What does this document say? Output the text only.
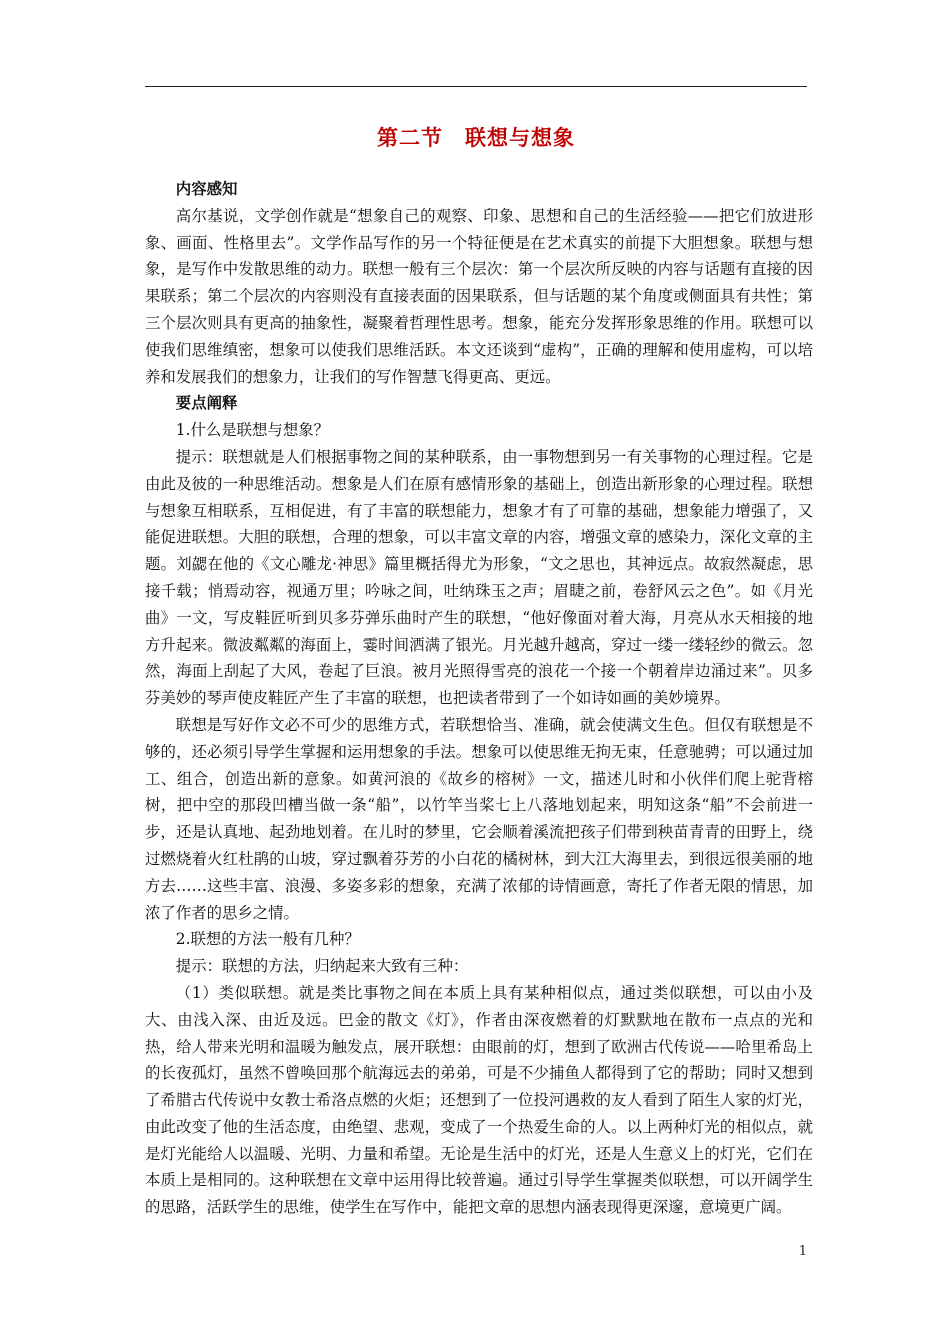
第二节　联想与想象
内容感知

高尔基说，文学创作就是“想象自己的观察、印象、思想和自己的生活经验——把它们放进形象、画面、性格里去”。文学作品写作的另一个特征便是在艺术真实的前提下大胆想象。联想与想象，是写作中发散思维的动力。联想一般有三个层次：第一个层次所反映的内容与话题有直接的因果联系；第二个层次的内容则没有直接表面的因果联系，但与话题的某个角度或侧面具有共性；第三个层次则具有更高的抽象性，凝聚着哲理性思考。想象，能充分发挥形象思维的作用。联想可以使我们思维缜密，想象可以使我们思维活跃。本文还谈到“虚构”，正确的理解和使用虚构，可以培养和发展我们的想象力，让我们的写作智慧飞得更高、更远。

要点阐释

1.什么是联想与想象？

提示：联想就是人们根据事物之间的某种联系，由一事物想到另一有关事物的心理过程。它是由此及彼的一种思维活动。想象是人们在原有感情形象的基础上，创造出新形象的心理过程。联想与想象互相联系，互相促进，有了丰富的联想能力，想象才有了可靠的基础，想象能力增强了，又能促进联想。大胆的联想，合理的想象，可以丰富文章的内容，增强文章的感染力，深化文章的主题。刘勰在他的《文心雕龙·神思》篇里概括得尤为形象，“文之思也，其神远点。故寂然凝虑，思接千载；悄焉动容，视通万里；吟咏之间，吐纳珠玉之声；眉睫之前，卷舒风云之色”。如《月光曲》一文，写皮鞋匠听到贝多芬弹乐曲时产生的联想，“他好像面对着大海，月亮从水天相接的地方升起来。微波粼粼的海面上，霎时间洒满了银光。月光越升越高，穿过一缕一缕轻纱的微云。忽然，海面上刮起了大风，卷起了巨浪。被月光照得雪亮的浪花一个接一个朝着岸边涌过来”。贝多芬美妙的琴声使皮鞋匠产生了丰富的联想，也把读者带到了一个如诗如画的美妙境界。

联想是写好作文必不可少的思维方式，若联想恰当、准确，就会使满文生色。但仅有联想是不够的，还必须引导学生掌握和运用想象的手法。想象可以使思维无拘无束，任意驰骋；可以通过加工、组合，创造出新的意象。如黄河浪的《故乡的榕树》一文，描述儿时和小伙伴们爬上驼背榕树，把中空的那段凹槽当做一条“船”，以竹竿当桨七上八落地划起来，明知这条“船”不会前进一步，还是认真地、起劲地划着。在儿时的梦里，它会顺着溪流把孩子们带到秧苗青青的田野上，绕过燃烧着火红杜鹃的山坡，穿过飘着芬芳的小白花的橘树林，到大江大海里去，到很远很美丽的地方去……这些丰富、浪漫、多姿多彩的想象，充满了浓郁的诗情画意，寄托了作者无限的情思，加浓了作者的思乡之情。

2.联想的方法一般有几种？

提示：联想的方法，归纳起来大致有三种：

（1）类似联想。就是类比事物之间在本质上具有某种相似点，通过类似联想，可以由小及大、由浅入深、由近及远。巴金的散文《灯》，作者由深夜燃着的灯默默地在散布一点点的光和热，给人带来光明和温暖为触发点，展开联想：由眼前的灯，想到了欧洲古代传说——哈里希岛上的长夜孤灯，虽然不曾唤回那个航海远去的弟弟，可是不少捕鱼人都得到了它的帮助；同时又想到了希腊古代传说中女教士希洛点燃的火炬；还想到了一位投河遇救的友人看到了陌生人家的灯光，由此改变了他的生活态度，由绝望、悲观，变成了一个热爱生命的人。以上两种灯光的相似点，就是灯光能给人以温暖、光明、力量和希望。无论是生活中的灯光，还是人生意义上的灯光，它们在本质上是相同的。这种联想在文章中运用得比较普遍。通过引导学生掌握类似联想，可以开阔学生的思路，活跃学生的思维，使学生在写作中，能把文章的思想内涵表现得更深邃，意境更广阔。

1
